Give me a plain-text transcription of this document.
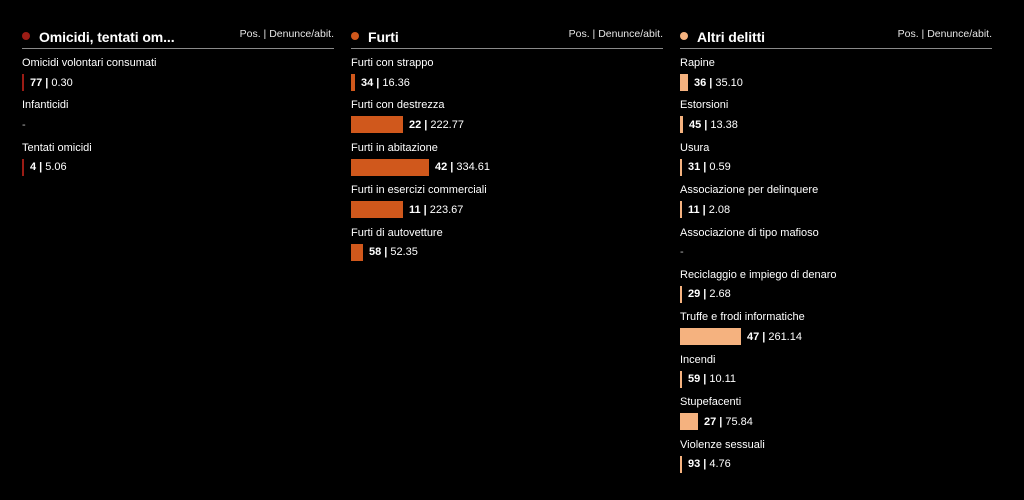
Omicidi, tentati om...	Pos. | Denunce/abit.
Omicidi volontari consumati
77 | 0.30
Infanticidi
-
Tentati omicidi
4 | 5.06
Furti	Pos. | Denunce/abit.
Furti con strappo
34 | 16.36
Furti con destrezza
22 | 222.77
Furti in abitazione
42 | 334.61
Furti in esercizi commerciali
11 | 223.67
Furti di autovetture
58 | 52.35
Altri delitti	Pos. | Denunce/abit.
Rapine
36 | 35.10
Estorsioni
45 | 13.38
Usura
31 | 0.59
Associazione per delinquere
11 | 2.08
Associazione di tipo mafioso
-
Reciclaggio e impiego di denaro
29 | 2.68
Truffe e frodi informatiche
47 | 261.14
Incendi
59 | 10.11
Stupefacenti
27 | 75.84
Violenze sessuali
93 | 4.76
